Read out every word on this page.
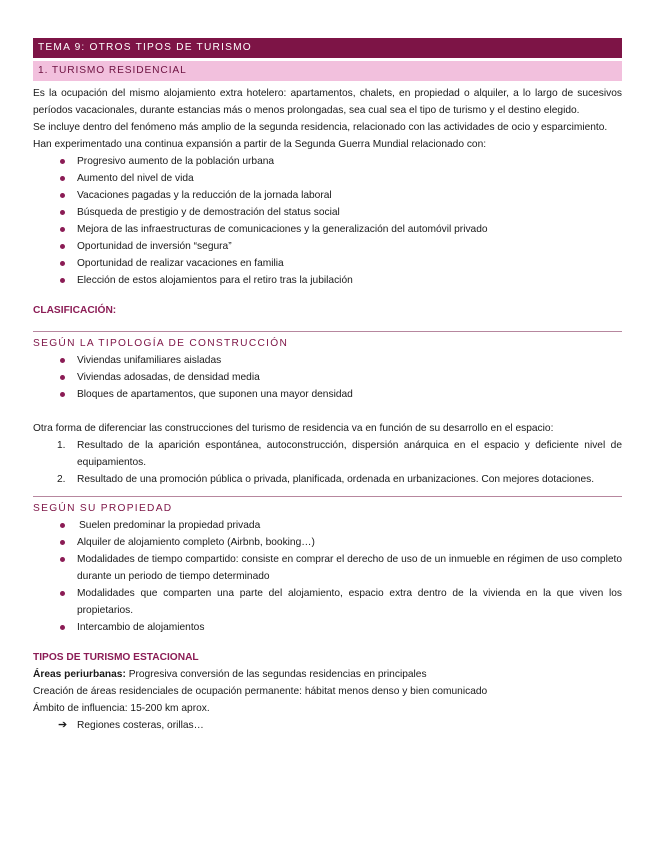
TEMA 9: OTROS TIPOS DE TURISMO
1. TURISMO RESIDENCIAL

Es la ocupación del mismo alojamiento extra hotelero: apartamentos, chalets, en propiedad o alquiler, a lo largo de sucesivos períodos vacacionales, durante estancias más o menos prolongadas, sea cual sea el tipo de turismo y el destino elegido.

Se incluye dentro del fenómeno más amplio de la segunda residencia, relacionado con las actividades de ocio y esparcimiento.

Han experimentado una continua expansión a partir de la Segunda Guerra Mundial relacionado con:

Progresivo aumento de la población urbana
Aumento del nivel de vida
Vacaciones pagadas y la reducción de la jornada laboral
Búsqueda de prestigio y de demostración del status social
Mejora de las infraestructuras de comunicaciones y la generalización del automóvil privado
Oportunidad de inversión “segura”
Oportunidad de realizar vacaciones en familia
Elección de estos alojamientos para el retiro tras la jubilación
CLASIFICACIÓN:
SEGÚN LA TIPOLOGÍA DE CONSTRUCCIÓN
Viviendas unifamiliares aisladas
Viviendas adosadas, de densidad media
Bloques de apartamentos, que suponen una mayor densidad

Otra forma de diferenciar las construcciones del turismo de residencia va en función de su desarrollo en el espacio:

1. Resultado de la aparición espontánea, autoconstrucción, dispersión anárquica en el espacio y deficiente nivel de equipamientos.
2. Resultado de una promoción pública o privada, planificada, ordenada en urbanizaciones. Con mejores dotaciones.
SEGÚN SU PROPIEDAD
Suelen predominar la propiedad privada
Alquiler de alojamiento completo (Airbnb, booking…)
Modalidades de tiempo compartido: consiste en comprar el derecho de uso de un inmueble en régimen de uso completo durante un periodo de tiempo determinado
Modalidades que comparten una parte del alojamiento, espacio extra dentro de la vivienda en la que viven los propietarios.
Intercambio de alojamientos
TIPOS DE TURISMO ESTACIONAL

Áreas periurbanas: Progresiva conversión de las segundas residencias en principales

Creación de áreas residenciales de ocupación permanente: hábitat menos denso y bien comunicado

Ámbito de influencia: 15-200 km aprox.

➔ Regiones costeras, orillas…
